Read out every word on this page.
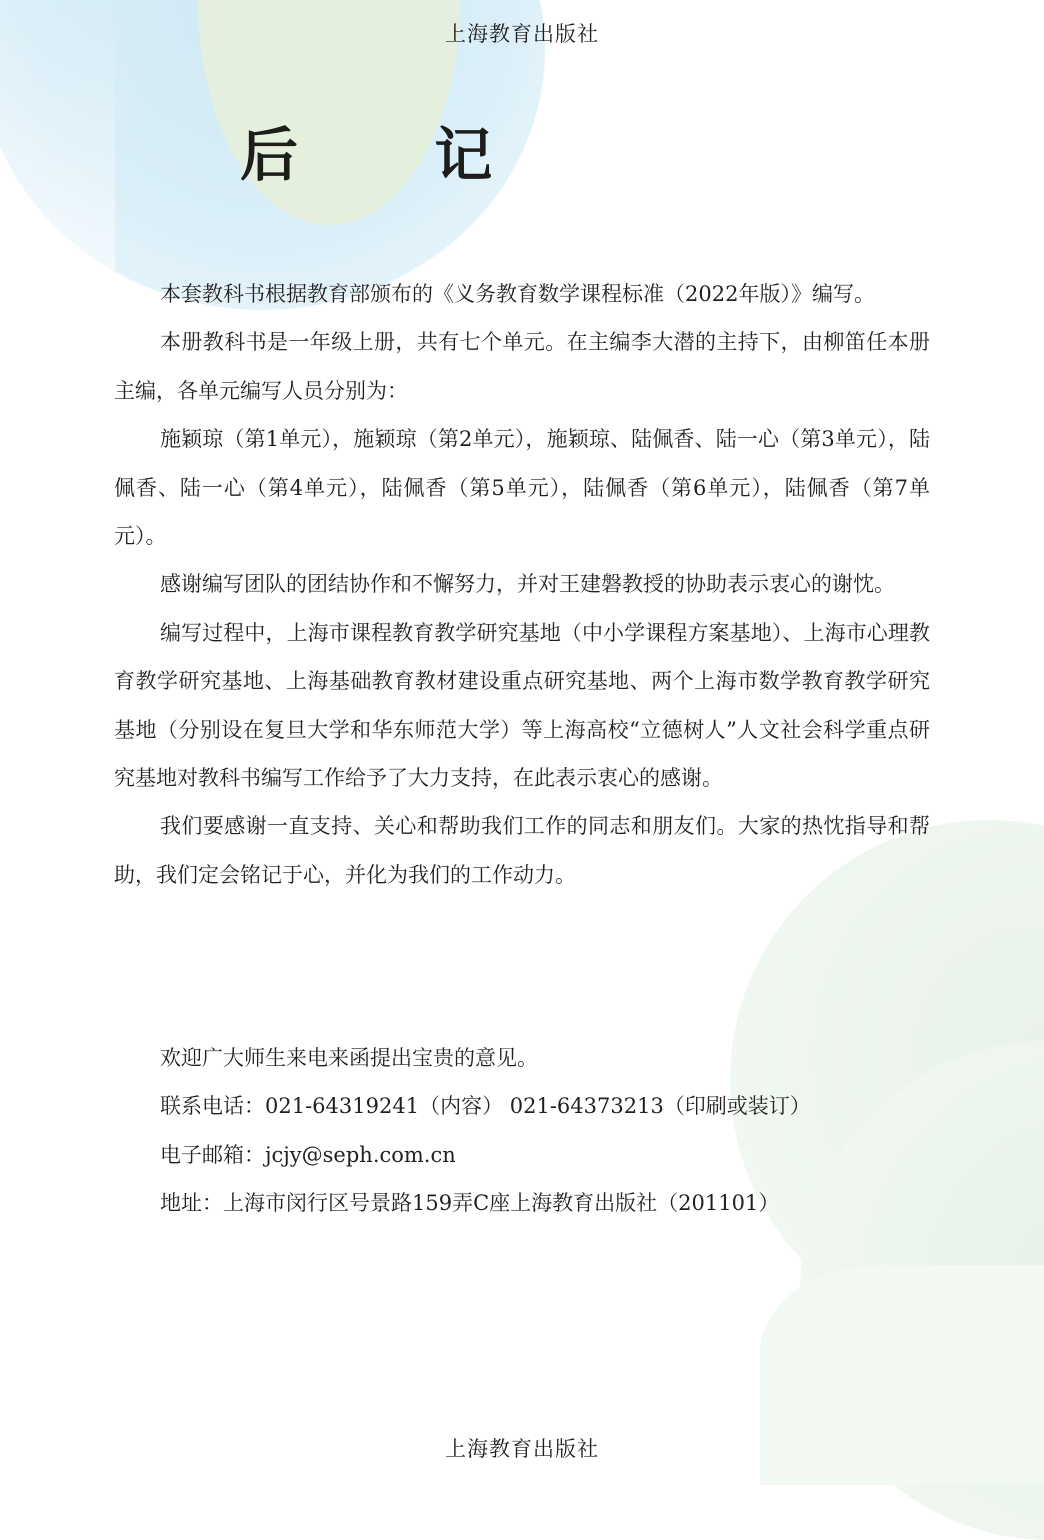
上海教育出版社
后 记

本套教科书根据教育部颁布的《义务教育数学课程标准（2022年版）》编写。

本册教科书是一年级上册，共有七个单元。在主编李大潜的主持下，由柳笛任本册主编，各单元编写人员分别为：

施颖琼（第1单元），施颖琼（第2单元），施颖琼、陆佩香、陆一心（第3单元），陆佩香、陆一心（第4单元），陆佩香（第5单元），陆佩香（第6单元），陆佩香（第7单元）。

感谢编写团队的团结协作和不懈努力，并对王建磐教授的协助表示衷心的谢忱。

编写过程中，上海市课程教育教学研究基地（中小学课程方案基地）、上海市心理教育教学研究基地、上海基础教育教材建设重点研究基地、两个上海市数学教育教学研究基地（分别设在复旦大学和华东师范大学）等上海高校“立德树人”人文社会科学重点研究基地对教科书编写工作给予了大力支持，在此表示衷心的感谢。

我们要感谢一直支持、关心和帮助我们工作的同志和朋友们。大家的热忱指导和帮助，我们定会铭记于心，并化为我们的工作动力。

欢迎广大师生来电来函提出宝贵的意见。

联系电话：021-64319241（内容） 021-64373213（印刷或装订）

电子邮箱：jcjy@seph.com.cn

地址：上海市闵行区号景路159弄C座上海教育出版社（201101）

上海教育出版社
